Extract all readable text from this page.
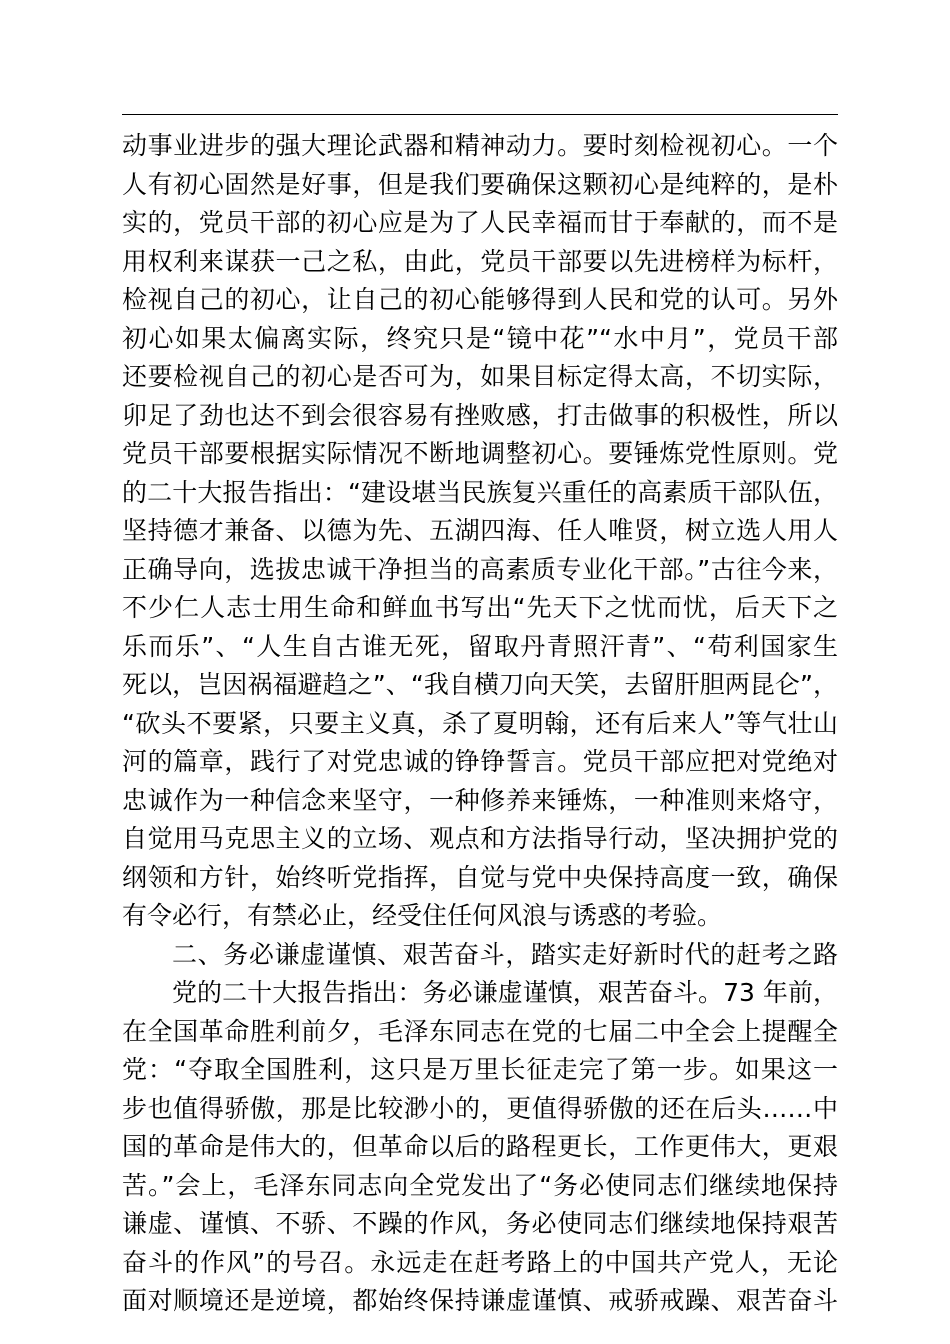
动事业进步的强大理论武器和精神动力。要时刻检视初心。一个
人有初心固然是好事，但是我们要确保这颗初心是纯粹的，是朴
实的，党员干部的初心应是为了人民幸福而甘于奉献的，而不是
用权利来谋获一己之私，由此，党员干部要以先进榜样为标杆，
检视自己的初心，让自己的初心能够得到人民和党的认可。另外
初心如果太偏离实际，终究只是“镜中花”“水中月”，党员干部
还要检视自己的初心是否可为，如果目标定得太高，不切实际，
卯足了劲也达不到会很容易有挫败感，打击做事的积极性，所以
党员干部要根据实际情况不断地调整初心。要锤炼党性原则。党
的二十大报告指出：“建设堪当民族复兴重任的高素质干部队伍，
坚持德才兼备、以德为先、五湖四海、任人唯贤，树立选人用人
正确导向，选拔忠诚干净担当的高素质专业化干部。”古往今来，
不少仁人志士用生命和鲜血书写出“先天下之忧而忧，后天下之
乐而乐”、“人生自古谁无死，留取丹青照汗青”、“苟利国家生
死以，岂因祸福避趋之”、“我自横刀向天笑，去留肝胆两昆仑”，
“砍头不要紧，只要主义真，杀了夏明翰，还有后来人”等气壮山
河的篇章，践行了对党忠诚的铮铮誓言。党员干部应把对党绝对
忠诚作为一种信念来坚守，一种修养来锤炼，一种准则来烙守，
自觉用马克思主义的立场、观点和方法指导行动，坚决拥护党的
纲领和方针，始终听党指挥，自觉与党中央保持高度一致，确保
有令必行，有禁必止，经受住任何风浪与诱惑的考验。
二、务必谦虚谨慎、艰苦奋斗，踏实走好新时代的赶考之路
党的二十大报告指出：务必谦虚谨慎，艰苦奋斗。73 年前，
在全国革命胜利前夕，毛泽东同志在党的七届二中全会上提醒全
党：“夺取全国胜利，这只是万里长征走完了第一步。如果这一
步也值得骄傲，那是比较渺小的，更值得骄傲的还在后头……中
国的革命是伟大的，但革命以后的路程更长，工作更伟大，更艰
苦。”会上，毛泽东同志向全党发出了“务必使同志们继续地保持
谦虚、谨慎、不骄、不躁的作风，务必使同志们继续地保持艰苦
奋斗的作风”的号召。永远走在赶考路上的中国共产党人，无论
面对顺境还是逆境，都始终保持谦虚谨慎、戒骄戒躁、艰苦奋斗
